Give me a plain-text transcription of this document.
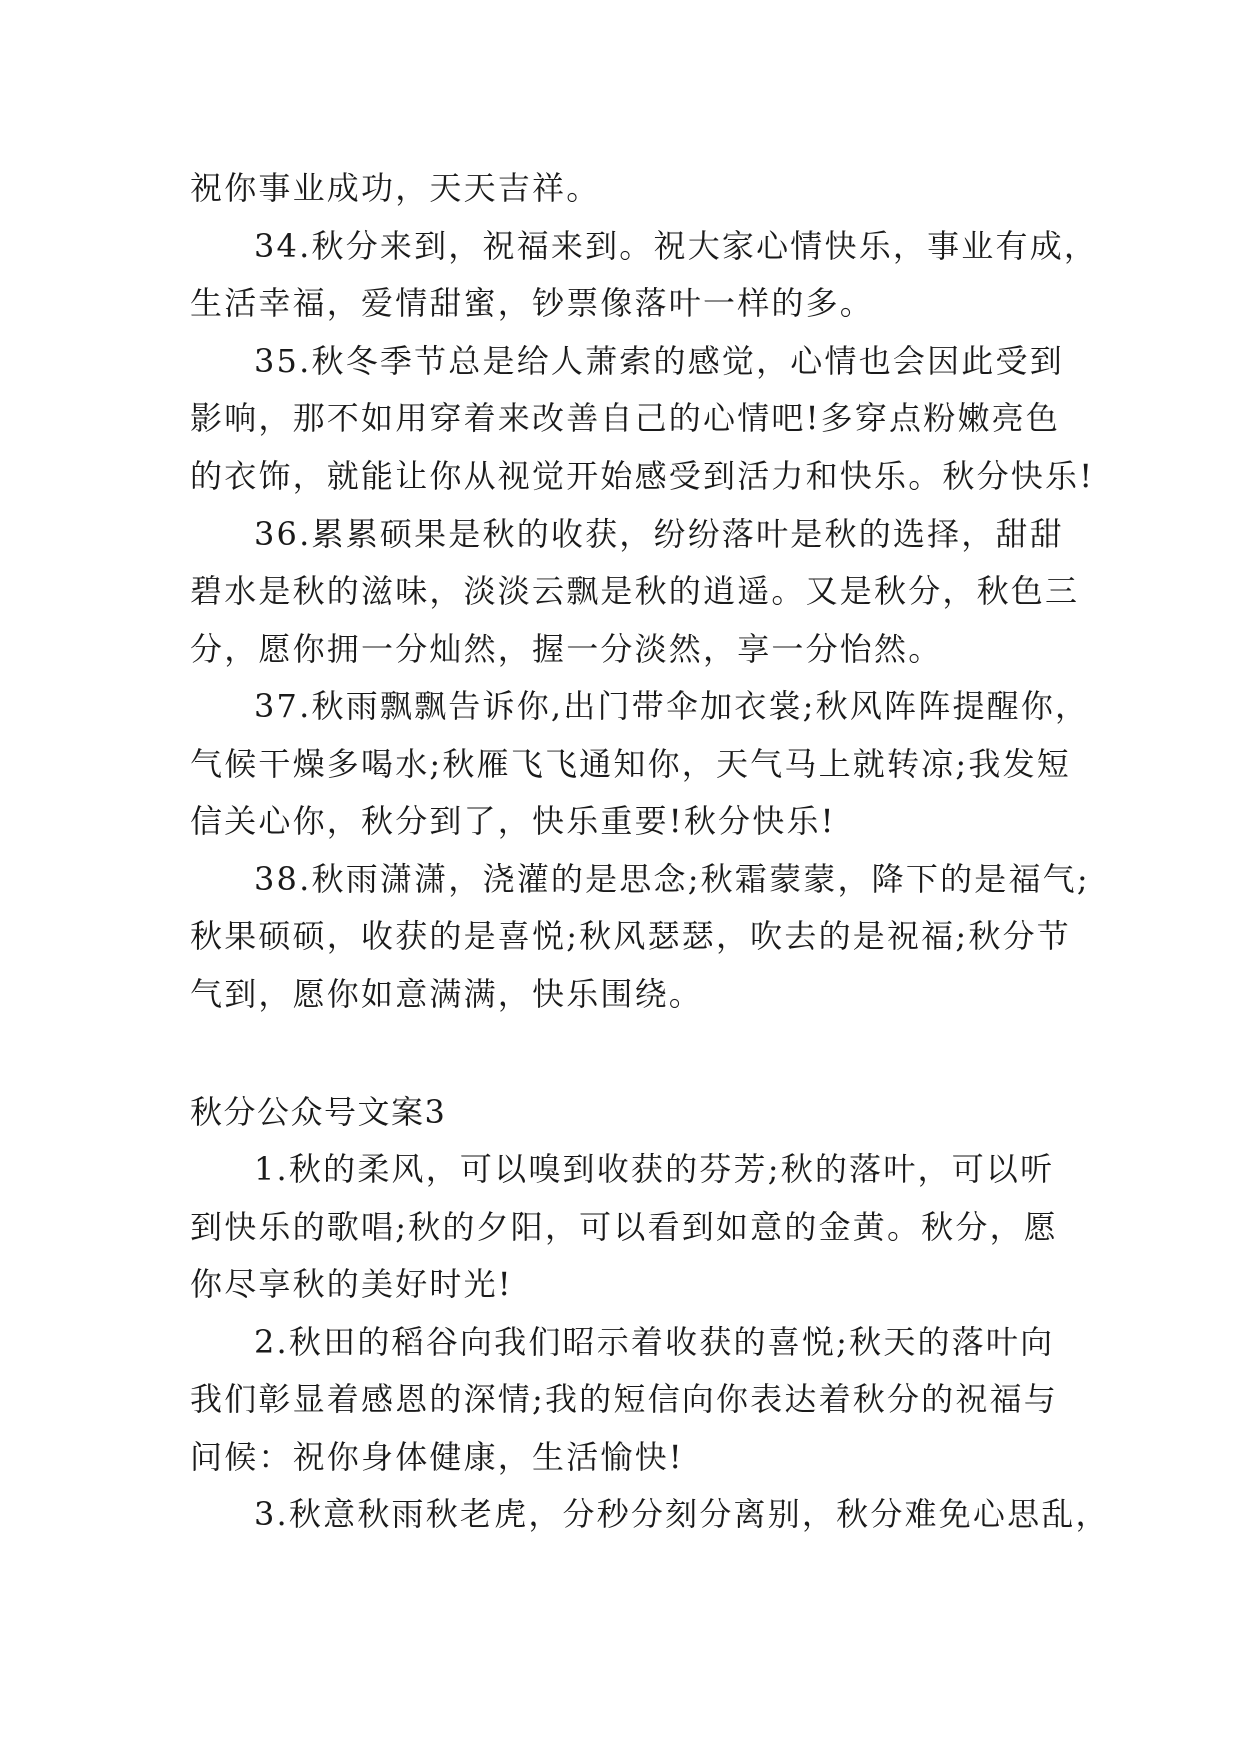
祝你事业成功，天天吉祥。

34.秋分来到，祝福来到。祝大家心情快乐，事业有成，

生活幸福，爱情甜蜜，钞票像落叶一样的多。

35.秋冬季节总是给人萧索的感觉，心情也会因此受到

影响，那不如用穿着来改善自己的心情吧!多穿点粉嫩亮色

的衣饰，就能让你从视觉开始感受到活力和快乐。秋分快乐!

36.累累硕果是秋的收获，纷纷落叶是秋的选择，甜甜

碧水是秋的滋味，淡淡云飘是秋的逍遥。又是秋分，秋色三

分，愿你拥一分灿然，握一分淡然，享一分怡然。

37.秋雨飘飘告诉你,出门带伞加衣裳;秋风阵阵提醒你，

气候干燥多喝水;秋雁飞飞通知你，天气马上就转凉;我发短

信关心你，秋分到了，快乐重要!秋分快乐!

38.秋雨潇潇，浇灌的是思念;秋霜蒙蒙，降下的是福气;

秋果硕硕，收获的是喜悦;秋风瑟瑟，吹去的是祝福;秋分节

气到，愿你如意满满，快乐围绕。

秋分公众号文案3

1.秋的柔风，可以嗅到收获的芬芳;秋的落叶，可以听

到快乐的歌唱;秋的夕阳，可以看到如意的金黄。秋分，愿

你尽享秋的美好时光!

2.秋田的稻谷向我们昭示着收获的喜悦;秋天的落叶向

我们彰显着感恩的深情;我的短信向你表达着秋分的祝福与

问候：祝你身体健康，生活愉快!

3.秋意秋雨秋老虎，分秒分刻分离别，秋分难免心思乱，
